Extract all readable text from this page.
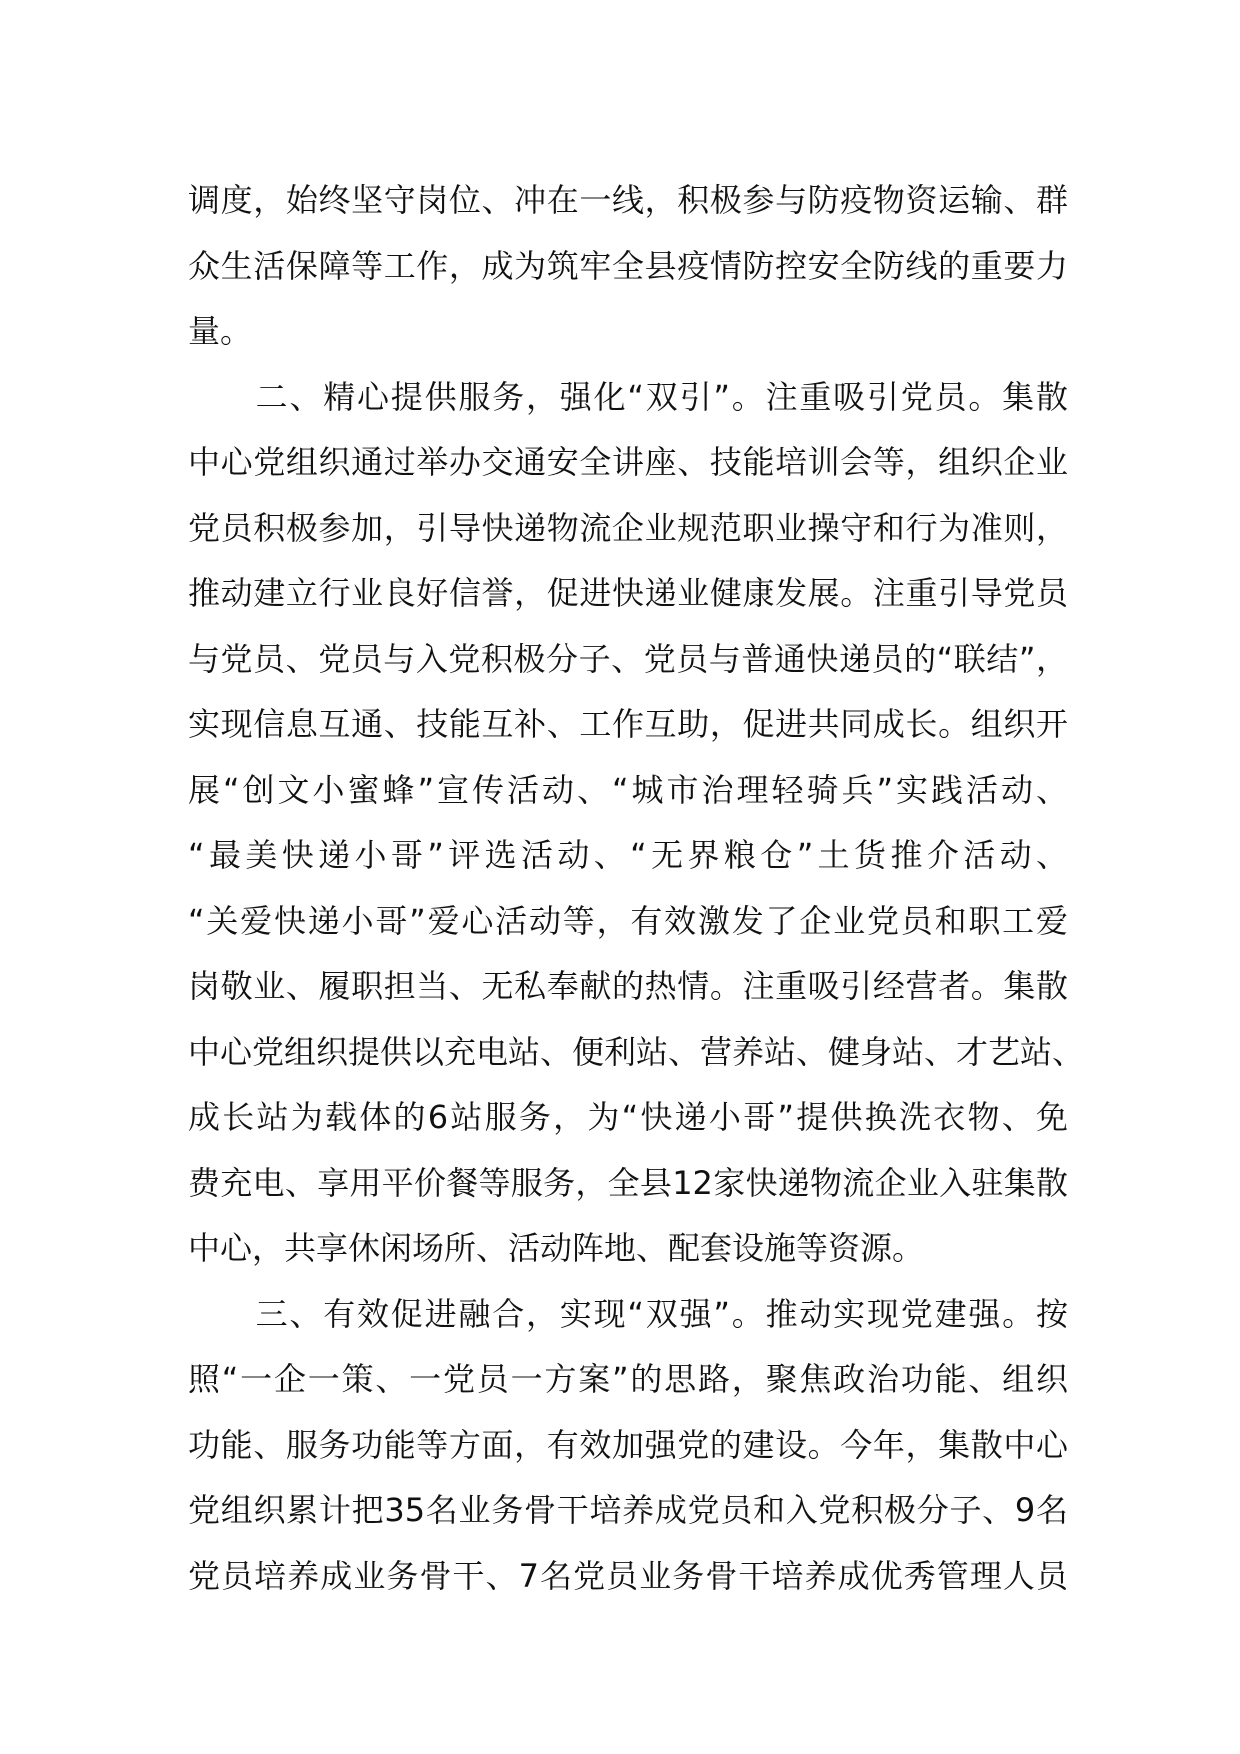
调度，始终坚守岗位、冲在一线，积极参与防疫物资运输、群
众生活保障等工作，成为筑牢全县疫情防控安全防线的重要力
量。
　　二、精心提供服务，强化“双引”。注重吸引党员。集散
中心党组织通过举办交通安全讲座、技能培训会等，组织企业
党员积极参加，引导快递物流企业规范职业操守和行为准则，
推动建立行业良好信誉，促进快递业健康发展。注重引导党员
与党员、党员与入党积极分子、党员与普通快递员的“联结”，
实现信息互通、技能互补、工作互助，促进共同成长。组织开
展“创文小蜜蜂”宣传活动、“城市治理轻骑兵”实践活动、
“最美快递小哥”评选活动、“无界粮仓”土货推介活动、
“关爱快递小哥”爱心活动等，有效激发了企业党员和职工爱
岗敬业、履职担当、无私奉献的热情。注重吸引经营者。集散
中心党组织提供以充电站、便利站、营养站、健身站、才艺站、
成长站为载体的6站服务，为“快递小哥”提供换洗衣物、免
费充电、享用平价餐等服务，全县12家快递物流企业入驻集散
中心，共享休闲场所、活动阵地、配套设施等资源。
　　三、有效促进融合，实现“双强”。推动实现党建强。按
照“一企一策、一党员一方案”的思路，聚焦政治功能、组织
功能、服务功能等方面，有效加强党的建设。今年，集散中心
党组织累计把35名业务骨干培养成党员和入党积极分子、9名
党员培养成业务骨干、7名党员业务骨干培养成优秀管理人员
